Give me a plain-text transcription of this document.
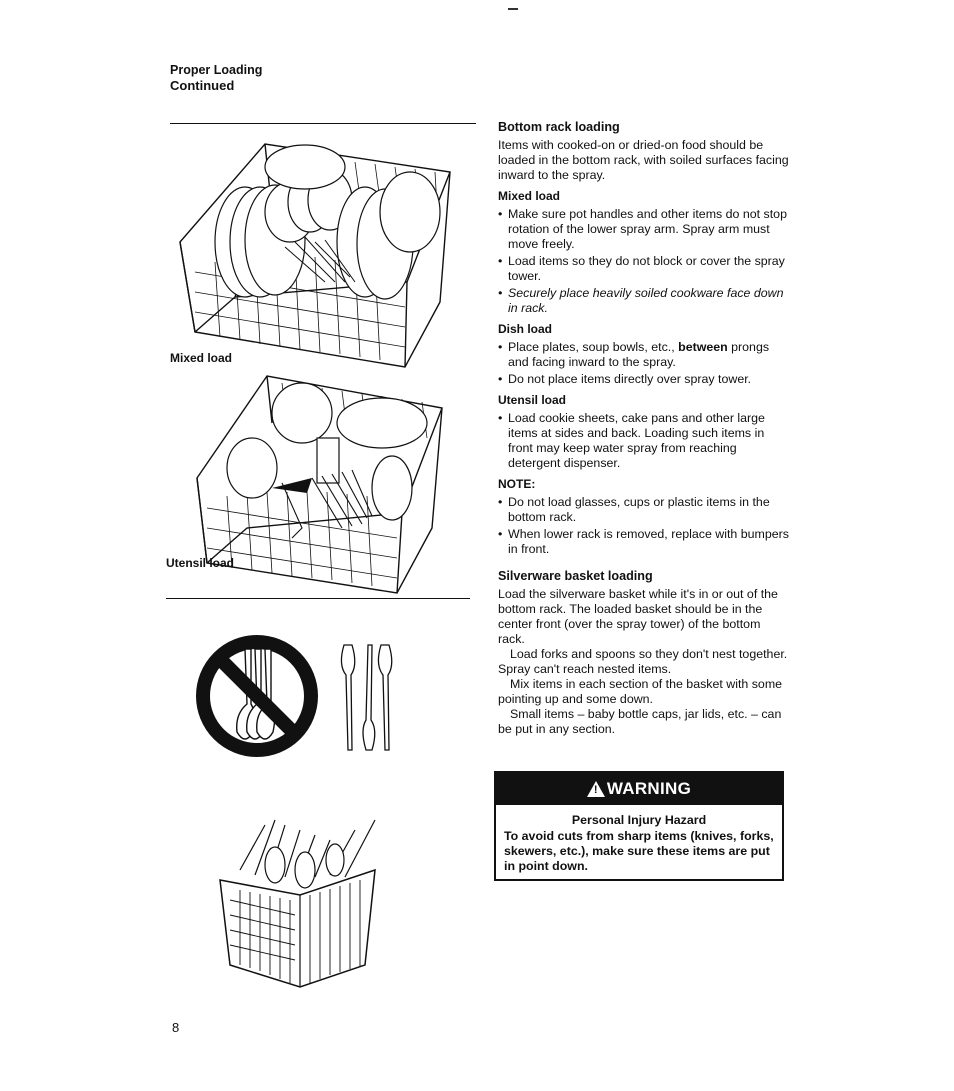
Proper Loading
Continued
Mixed load
Utensil load
Bottom rack loading

Items with cooked-on or dried-on food should be loaded in the bottom rack, with soiled surfaces facing inward to the spray.

Mixed load
• Make sure pot handles and other items do not stop rotation of the lower spray arm. Spray arm must move freely.
• Load items so they do not block or cover the spray tower.
• Securely place heavily soiled cookware face down in rack.
Dish load
• Place plates, soup bowls, etc., between prongs and facing inward to the spray.
• Do not place items directly over spray tower.
Utensil load
• Load cookie sheets, cake pans and other large items at sides and back. Loading such items in front may keep water spray from reaching detergent dispenser.
NOTE:
• Do not load glasses, cups or plastic items in the bottom rack.
• When lower rack is removed, replace with bumpers in front.
Silverware basket loading

Load the silverware basket while it's in or out of the bottom rack. The loaded basket should be in the center front (over the spray tower) of the bottom rack.

Load forks and spoons so they don't nest together. Spray can't reach nested items.

Mix items in each section of the basket with some pointing up and some down.

Small items – baby bottle caps, jar lids, etc. – can be put in any section.

! WARNING
Personal Injury Hazard
To avoid cuts from sharp items (knives, forks, skewers, etc.), make sure these items are put in point down.
8
